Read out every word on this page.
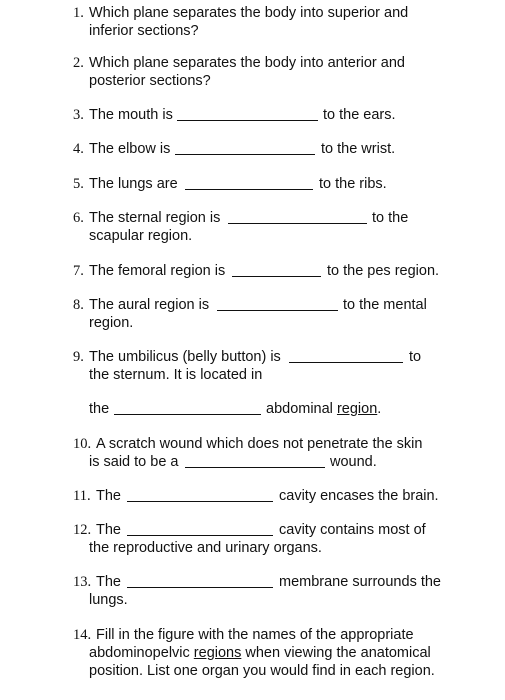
1. Which plane separates the body into superior and
inferior sections?
2. Which plane separates the body into anterior and
posterior sections?
3. The mouth is	to the ears.
4. The elbow is	to the wrist.
5. The lungs are	to the ribs.
6. The sternal region is	to the
scapular region.
7. The femoral region is	to the pes region.
8. The aural region is	to the mental
region.
9. The umbilicus (belly button) is	to
the sternum. It is located in
the	abdominal region.
10. A scratch wound which does not penetrate the skin
is said to be a	wound.
11. The	cavity encases the brain.
12. The	cavity contains most of
the reproductive and urinary organs.
13. The	membrane surrounds the
lungs.
14. Fill in the figure with the names of the appropriate
abdominopelvic regions when viewing the anatomical
position. List one organ you would find in each region.
